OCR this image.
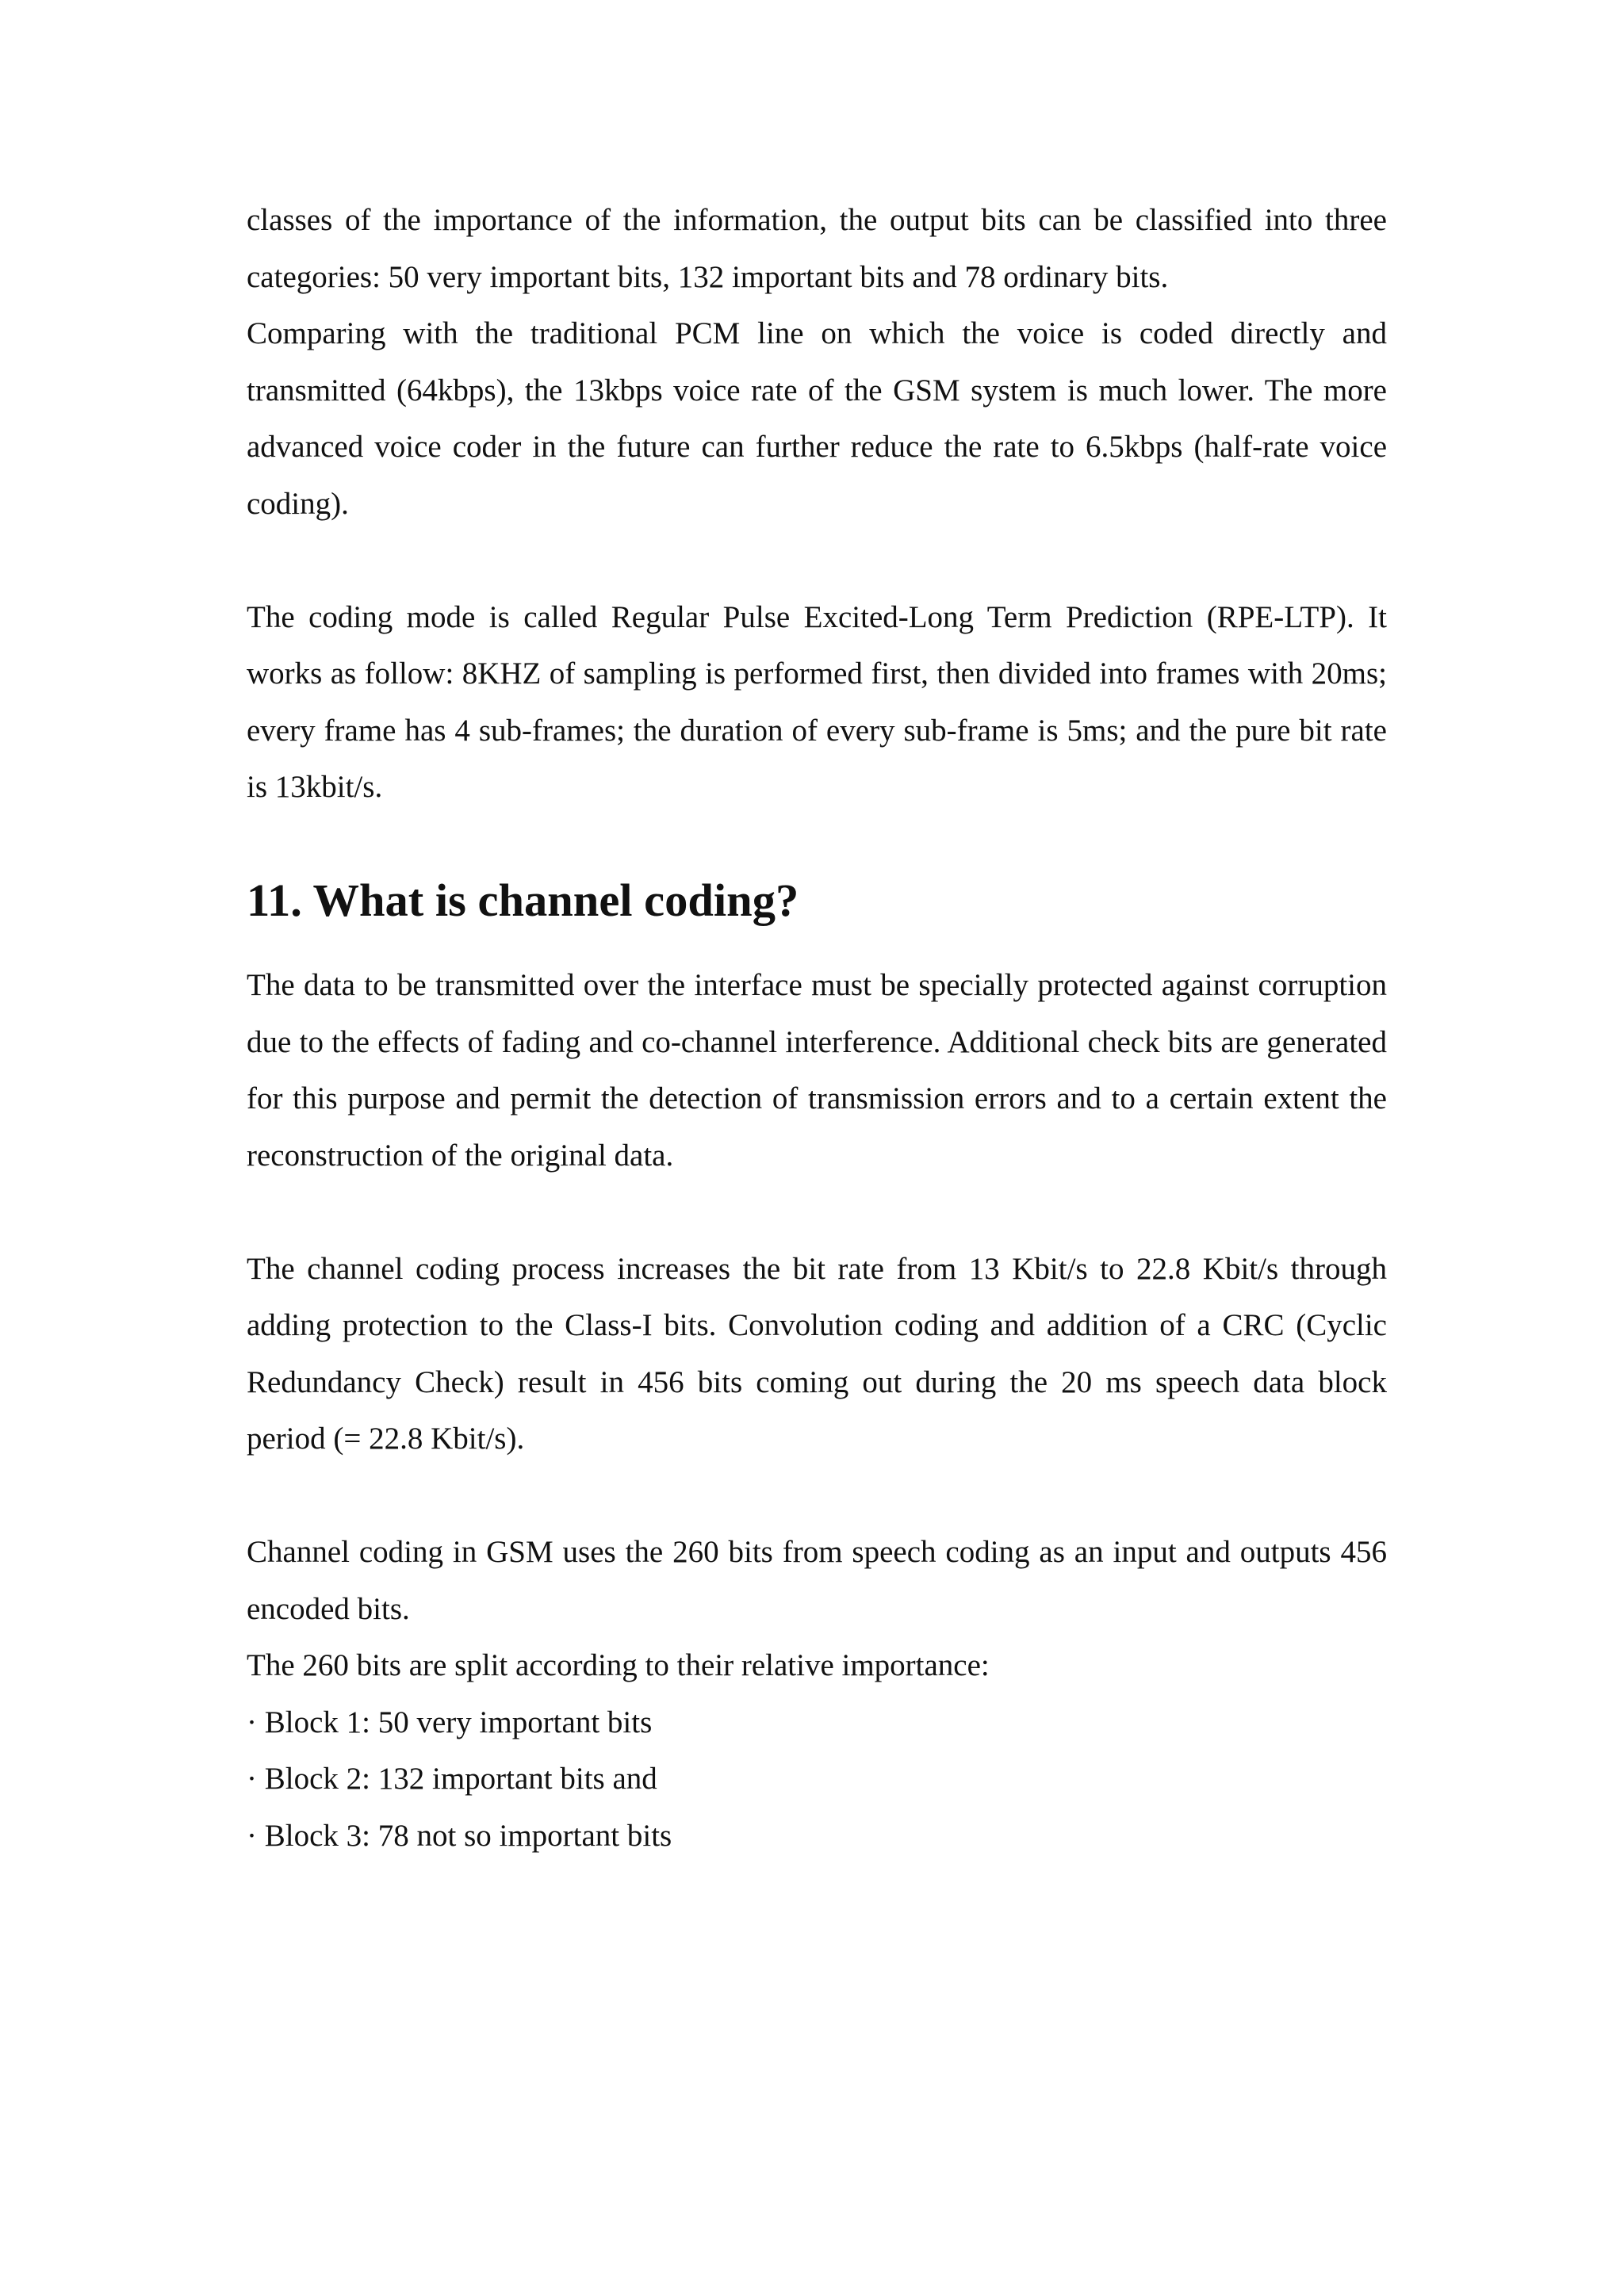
classes of the importance of the information, the output bits can be classified into three categories: 50 very important bits, 132 important bits and 78 ordinary bits.

Comparing with the traditional PCM line on which the voice is coded directly and transmitted (64kbps), the 13kbps voice rate of the GSM system is much lower. The more advanced voice coder in the future can further reduce the rate to 6.5kbps (half-rate voice coding).

The coding mode is called Regular Pulse Excited-Long Term Prediction (RPE-LTP). It works as follow: 8KHZ of sampling is performed first, then divided into frames with 20ms; every frame has 4 sub-frames; the duration of every sub-frame is 5ms; and the pure bit rate is 13kbit/s.

11. What is channel coding?

The data to be transmitted over the interface must be specially protected against corruption due to the effects of fading and co-channel interference. Additional check bits are generated for this purpose and permit the detection of transmission errors and to a certain extent the reconstruction of the original data.

The channel coding process increases the bit rate from 13 Kbit/s to 22.8 Kbit/s through adding protection to the Class-I bits. Convolution coding and addition of a CRC (Cyclic Redundancy Check) result in 456 bits coming out during the 20 ms speech data block period (= 22.8 Kbit/s).

Channel coding in GSM uses the 260 bits from speech coding as an input and outputs 456 encoded bits.

The 260 bits are split according to their relative importance:

· Block 1: 50 very important bits
· Block 2: 132 important bits and
· Block 3: 78 not so important bits
